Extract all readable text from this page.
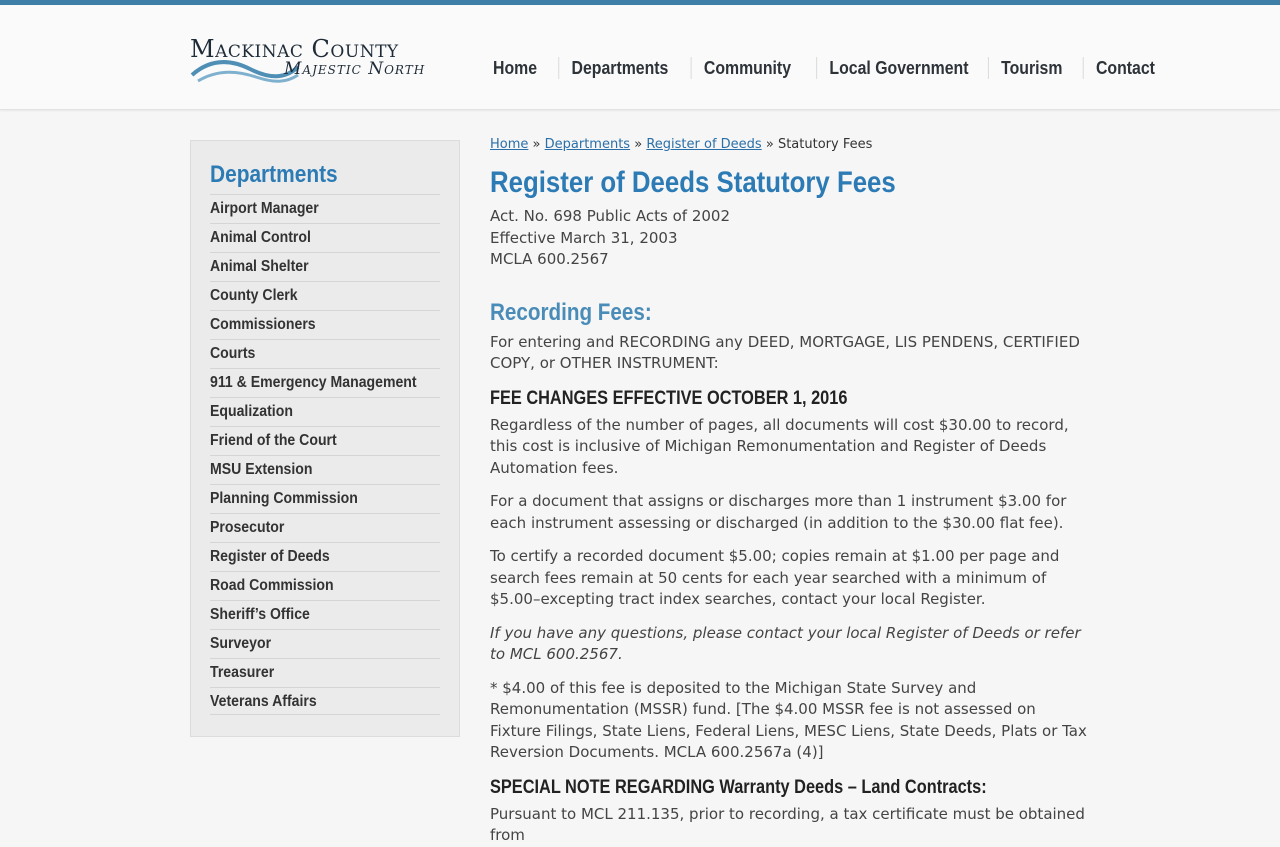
Mackinac County
Majestic North	Home	Departments	Community	Local Government	Tourism	Contact
Departments
Airport Manager
Animal Control
Animal Shelter
County Clerk
Commissioners
Courts
911 & Emergency Management
Equalization
Friend of the Court
MSU Extension
Planning Commission
Prosecutor
Register of Deeds
Road Commission
Sheriff’s Office
Surveyor
Treasurer
Veterans Affairs
Home » Departments » Register of Deeds » Statutory Fees
Register of Deeds Statutory Fees
Act. No. 698 Public Acts of 2002
Effective March 31, 2003
MCLA 600.2567
Recording Fees:

For entering and RECORDING any DEED, MORTGAGE, LIS PENDENS, CERTIFIED COPY, or OTHER INSTRUMENT:

FEE CHANGES EFFECTIVE OCTOBER 1, 2016

Regardless of the number of pages, all documents will cost $30.00 to record, this cost is inclusive of Michigan Remonumentation and Register of Deeds Automation fees.

For a document that assigns or discharges more than 1 instrument $3.00 for each instrument assessing or discharged (in addition to the $30.00 flat fee).

To certify a recorded document $5.00; copies remain at $1.00 per page and search fees remain at 50 cents for each year searched with a minimum of $5.00–excepting tract index searches, contact your local Register.

If you have any questions, please contact your local Register of Deeds or refer to MCL 600.2567.

* $4.00 of this fee is deposited to the Michigan State Survey and Remonumentation (MSSR) fund. [The $4.00 MSSR fee is not assessed on Fixture Filings, State Liens, Federal Liens, MESC Liens, State Deeds, Plats or Tax Reversion Documents. MCLA 600.2567a (4)]

SPECIAL NOTE REGARDING Warranty Deeds – Land Contracts:

Pursuant to MCL 211.135, prior to recording, a tax certificate must be obtained from
